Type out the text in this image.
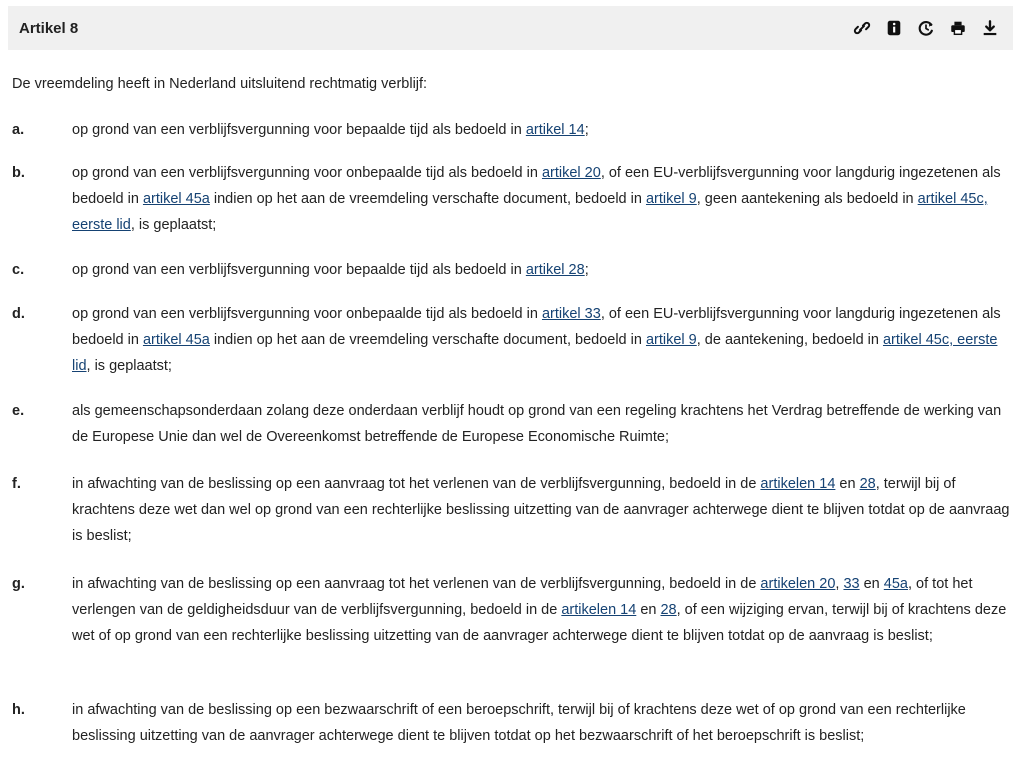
Artikel 8
De vreemdeling heeft in Nederland uitsluitend rechtmatig verblijf:
a.	op grond van een verblijfsvergunning voor bepaalde tijd als bedoeld in artikel 14;
b.	op grond van een verblijfsvergunning voor onbepaalde tijd als bedoeld in artikel 20, of een EU-verblijfsvergunning voor langdurig ingezetenen als bedoeld in artikel 45a indien op het aan de vreemdeling verschafte document, bedoeld in artikel 9, geen aantekening als bedoeld in artikel 45c, eerste lid, is geplaatst;
c.	op grond van een verblijfsvergunning voor bepaalde tijd als bedoeld in artikel 28;
d.	op grond van een verblijfsvergunning voor onbepaalde tijd als bedoeld in artikel 33, of een EU-verblijfsvergunning voor langdurig ingezetenen als bedoeld in artikel 45a indien op het aan de vreemdeling verschafte document, bedoeld in artikel 9, de aantekening, bedoeld in artikel 45c, eerste lid, is geplaatst;
e.	als gemeenschapsonderdaan zolang deze onderdaan verblijf houdt op grond van een regeling krachtens het Verdrag betreffende de werking van de Europese Unie dan wel de Overeenkomst betreffende de Europese Economische Ruimte;
f.	in afwachting van de beslissing op een aanvraag tot het verlenen van de verblijfsvergunning, bedoeld in de artikelen 14 en 28, terwijl bij of krachtens deze wet dan wel op grond van een rechterlijke beslissing uitzetting van de aanvrager achterwege dient te blijven totdat op de aanvraag is beslist;
g.	in afwachting van de beslissing op een aanvraag tot het verlenen van de verblijfsvergunning, bedoeld in de artikelen 20, 33 en 45a, of tot het verlengen van de geldigheidsduur van de verblijfsvergunning, bedoeld in de artikelen 14 en 28, of een wijziging ervan, terwijl bij of krachtens deze wet of op grond van een rechterlijke beslissing uitzetting van de aanvrager achterwege dient te blijven totdat op de aanvraag is beslist;
h.	in afwachting van de beslissing op een bezwaarschrift of een beroepschrift, terwijl bij of krachtens deze wet of op grond van een rechterlijke beslissing uitzetting van de aanvrager achterwege dient te blijven totdat op het bezwaarschrift of het beroepschrift is beslist;
